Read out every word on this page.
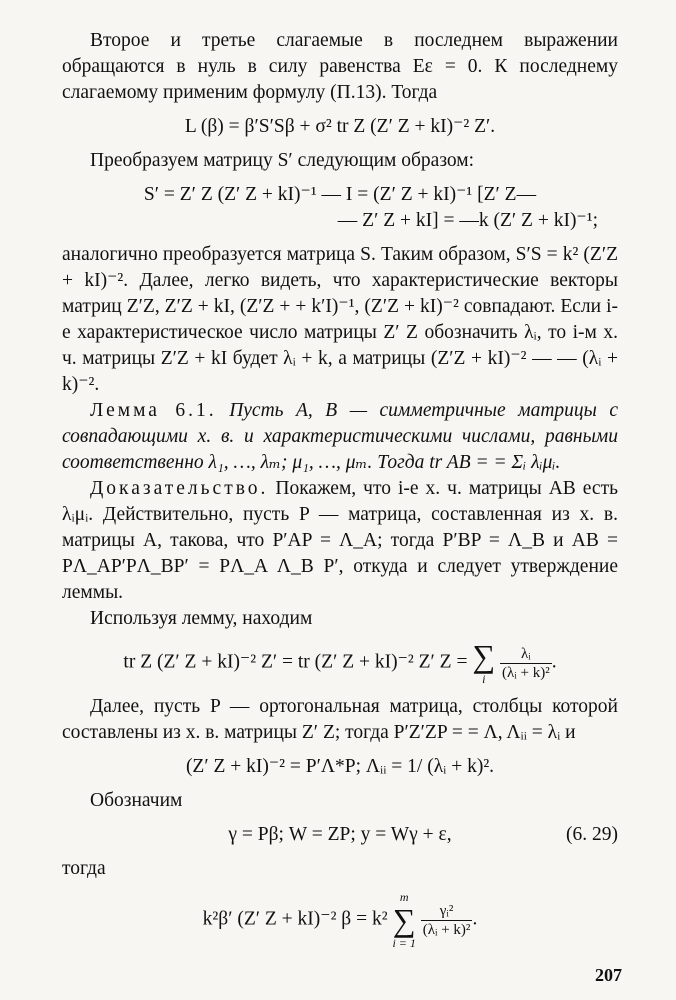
Второе и третье слагаемые в последнем выражении обращаются в нуль в силу равенства Eε = 0. К последнему слагаемому применим формулу (П.13). Тогда

L (β) = β′S′Sβ + σ² tr Z (Z′ Z + kI)⁻² Z′.

Преобразуем матрицу S′ следующим образом:

S′ = Z′ Z (Z′ Z + kI)⁻¹ — I = (Z′ Z + kI)⁻¹ [Z′ Z—
— Z′ Z + kI] = —k (Z′ Z + kI)⁻¹;

аналогично преобразуется матрица S. Таким образом, S′S = k² (Z′Z + kI)⁻². Далее, легко видеть, что характеристические векторы матриц Z′Z, Z′Z + kI, (Z′Z + + k′I)⁻¹, (Z′Z + kI)⁻² совпадают. Если i-е характеристическое число матрицы Z′ Z обозначить λᵢ, то i-м х. ч. матрицы Z′Z + kI будет λᵢ + k, а матрицы (Z′Z + kI)⁻² — — (λᵢ + k)⁻².

Лемма 6.1. Пусть A, B — симметричные матрицы с совпадающими х. в. и характеристическими числами, равными соответственно λ₁, …, λₘ; μ₁, …, μₘ. Тогда tr AB = = Σᵢ λᵢμᵢ.

Доказательство. Покажем, что i-е х. ч. матрицы AB есть λᵢμᵢ. Действительно, пусть P — матрица, составленная из х. в. матрицы A, такова, что P′AP = Λ_A; тогда P′BP = Λ_B и AB = PΛ_AP′PΛ_BP′ = PΛ_A Λ_B P′, откуда и следует утверждение леммы.

Используя лемму, находим

tr Z (Z′ Z + kI)⁻² Z′ = tr (Z′ Z + kI)⁻² Z′ Z = ∑
i
$\frac{\text{λᵢ}}{\text{(λᵢ + k)²}}$ .

Далее, пусть P — ортогональная матрица, столбцы которой составлены из х. в. матрицы Z′ Z; тогда P′Z′ZP = = Λ, Λᵢᵢ = λᵢ и

(Z′ Z + kI)⁻² = P′Λ*P; Λᵢᵢ = 1/ (λᵢ + k)².

Обозначим

γ = Pβ; W = ZP; y = Wγ + ε,	(6. 29)

тогда

k²β′ (Z′ Z + kI)⁻² β = k²
m
∑
i = 1

$\frac{\text{γᵢ²}}{\text{(λᵢ + k)²}}$ .
207
